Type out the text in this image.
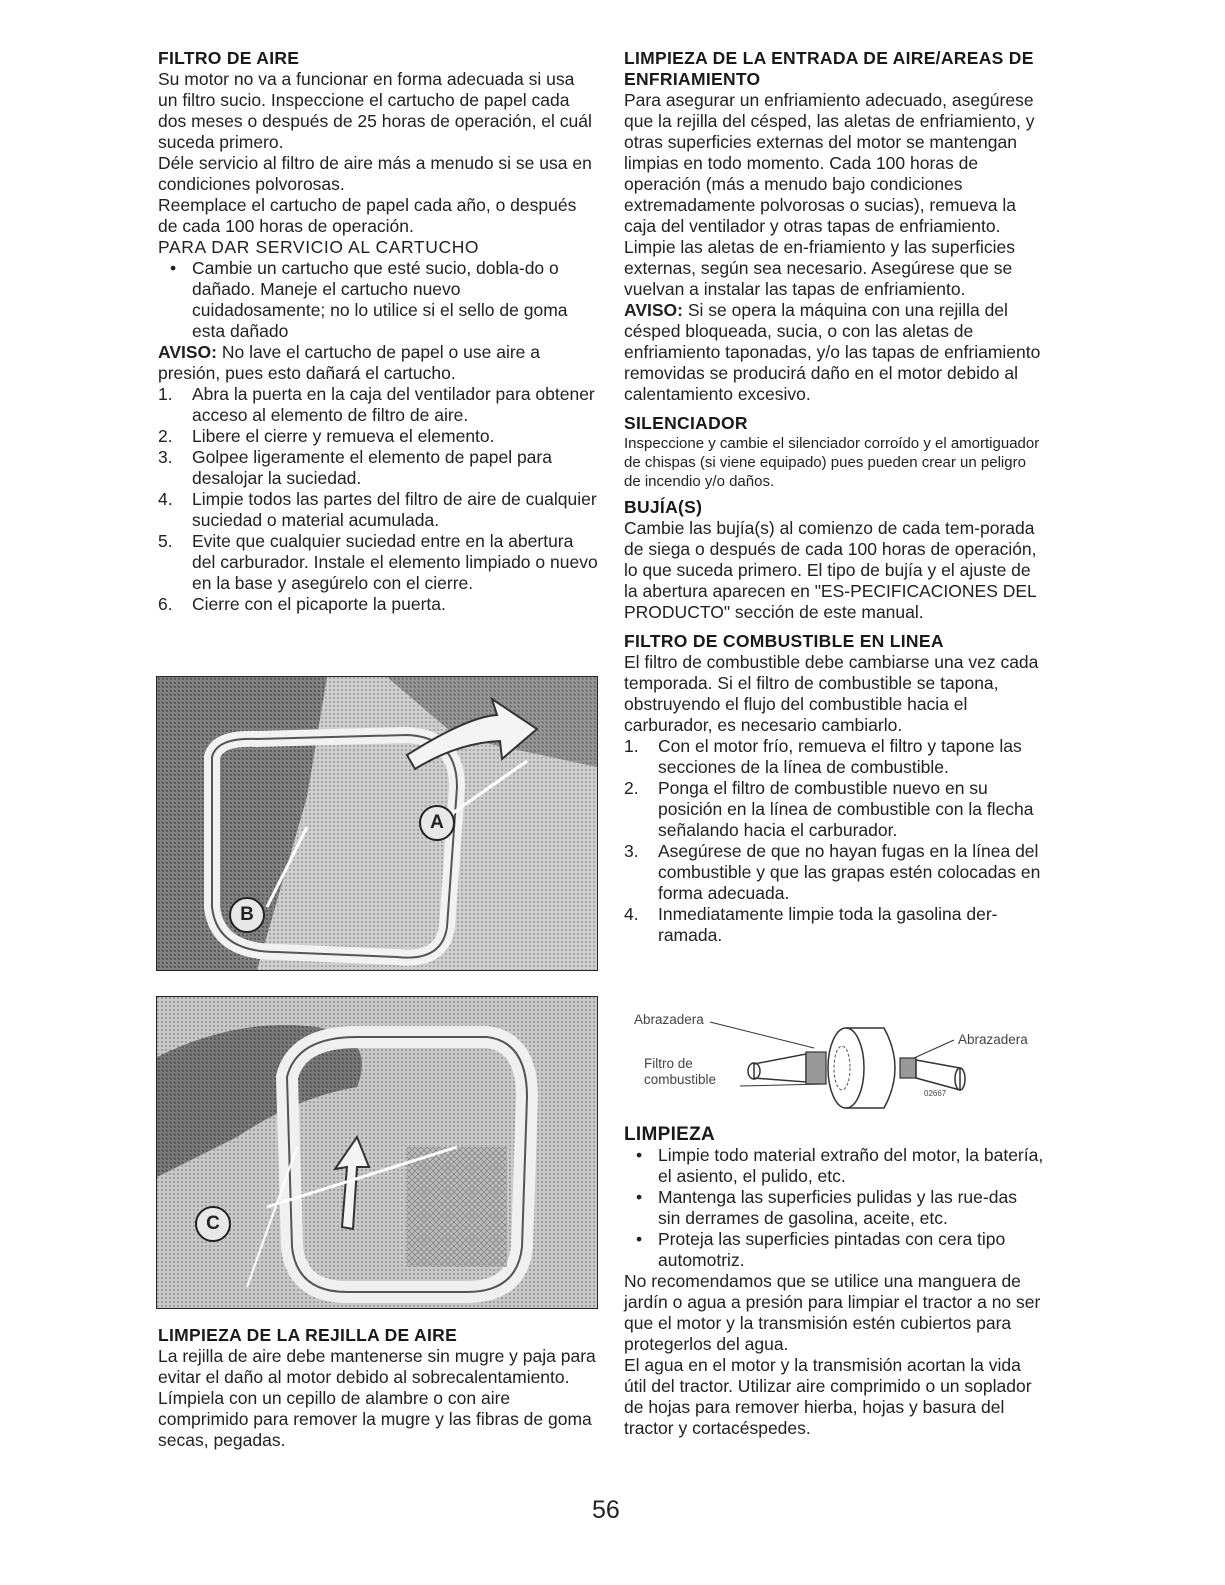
FILTRO DE AIRE

Su motor no va a funcionar en forma adecuada si usa un filtro sucio. Inspeccione el cartucho de papel cada dos meses o después de 25 horas de operación, el cuál suceda primero.

Déle servicio al filtro de aire más a menudo si se usa en condiciones polvorosas.

Reemplace el cartucho de papel cada año, o después de cada 100 horas de operación.

PARA DAR SERVICIO AL CARTUCHO

• Cambie un cartucho que esté sucio, dobla-do o dañado. Maneje el cartucho nuevo cuidadosamente; no lo utilice si el sello de goma esta dañado

AVISO: No lave el cartucho de papel o use aire a presión, pues esto dañará el cartucho.

1.	Abra la puerta en la caja del ventilador para obtener acceso al elemento de filtro de aire.
2.	Libere el cierre y remueva el elemento.
3.	Golpee ligeramente el elemento de papel para desalojar la suciedad.
4.	Limpie todos las partes del filtro de aire de cualquier suciedad o material acumulada.
5.	Evite que cualquier suciedad entre en la abertura del carburador. Instale el elemento limpiado o nuevo en la base y asegúrelo con el cierre.
6.	Cierre con el picaporte la puerta.
A
B
C
LIMPIEZA DE LA REJILLA DE AIRE

La rejilla de aire debe mantenerse sin mugre y paja para evitar el daño al motor debido al sobrecalentamiento. Límpiela con un cepillo de alambre o con aire comprimido para remover la mugre y las fibras de goma secas, pegadas.

LIMPIEZA DE LA ENTRADA DE AIRE/AREAS DE ENFRIAMIENTO

Para asegurar un enfriamiento adecuado, asegúrese que la rejilla del césped, las aletas de enfriamiento, y otras superficies externas del motor se mantengan limpias en todo momento. Cada 100 horas de operación (más a menudo bajo condiciones extremadamente polvorosas o sucias), remueva la caja del ventilador y otras tapas de enfriamiento. Limpie las aletas de en-friamiento y las superficies externas, según sea necesario. Asegúrese que se vuelvan a instalar las tapas de enfriamiento.

AVISO: Si se opera la máquina con una rejilla del césped bloqueada, sucia, o con las aletas de enfriamiento taponadas, y/o las tapas de enfriamiento removidas se producirá daño en el motor debido al calentamiento excesivo.

SILENCIADOR

Inspeccione y cambie el silenciador corroído y el amortiguador de chispas (si viene equipado) pues pueden crear un peligro de incendio y/o daños.

BUJÍA(S)

Cambie las bujía(s) al comienzo de cada tem-porada de siega o después de cada 100 horas de operación, lo que suceda primero. El tipo de bujía y el ajuste de la abertura aparecen en "ES-PECIFICACIONES DEL PRODUCTO" sección de este manual.

FILTRO DE COMBUSTIBLE EN LINEA

El filtro de combustible debe cambiarse una vez cada temporada. Si el filtro de combustible se tapona, obstruyendo el flujo del combustible hacia el carburador, es necesario cambiarlo.

1.	Con el motor frío, remueva el filtro y tapone las secciones de la línea de combustible.
2.	Ponga el filtro de combustible nuevo en su posición en la línea de combustible con la flecha señalando hacia el carburador.
3.	Asegúrese de que no hayan fugas en la línea del combustible y que las grapas estén colocadas en forma adecuada.
4.	Inmediatamente limpie toda la gasolina der-ramada.
Abrazadera
Abrazadera
Filtro de combustible
02667
LIMPIEZA
• Limpie todo material extraño del motor, la batería, el asiento, el pulido, etc.
• Mantenga las superficies pulidas y las rue-das sin derrames de gasolina, aceite, etc.
• Proteja las superficies pintadas con cera tipo automotriz.

No recomendamos que se utilice una manguera de jardín o agua a presión para limpiar el tractor a no ser que el motor y la transmisión estén cubiertos para protegerlos del agua.

El agua en el motor y la transmisión acortan la vida útil del tractor. Utilizar aire comprimido o un soplador de hojas para remover hierba, hojas y basura del tractor y cortacéspedes.

56
